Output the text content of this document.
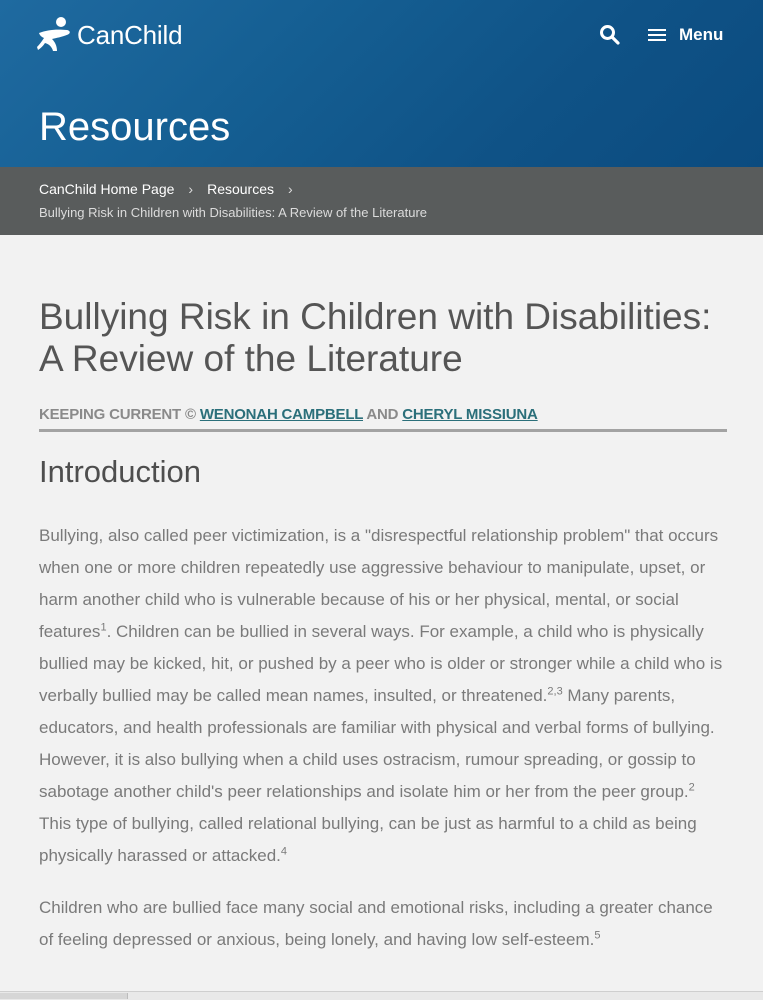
CanChild	Menu
Resources
CanChild Home Page › Resources ›
Bullying Risk in Children with Disabilities: A Review of the Literature
Bullying Risk in Children with Disabilities: A Review of the Literature
KEEPING CURRENT © WENONAH CAMPBELL AND CHERYL MISSIUNA
Introduction

Bullying, also called peer victimization, is a "disrespectful relationship problem" that occurs when one or more children repeatedly use aggressive behaviour to manipulate, upset, or harm another child who is vulnerable because of his or her physical, mental, or social features$^1$. Children can be bullied in several ways. For example, a child who is physically bullied may be kicked, hit, or pushed by a peer who is older or stronger while a child who is verbally bullied may be called mean names, insulted, or threatened.$^{2,3}$ Many parents, educators, and health professionals are familiar with physical and verbal forms of bullying. However, it is also bullying when a child uses ostracism, rumour spreading, or gossip to sabotage another child's peer relationships and isolate him or her from the peer group.$^2$ This type of bullying, called relational bullying, can be just as harmful to a child as being physically harassed or attacked.$^4$

Children who are bullied face many social and emotional risks, including a greater chance of feeling depressed or anxious, being lonely, and having low self-esteem.$^5$
